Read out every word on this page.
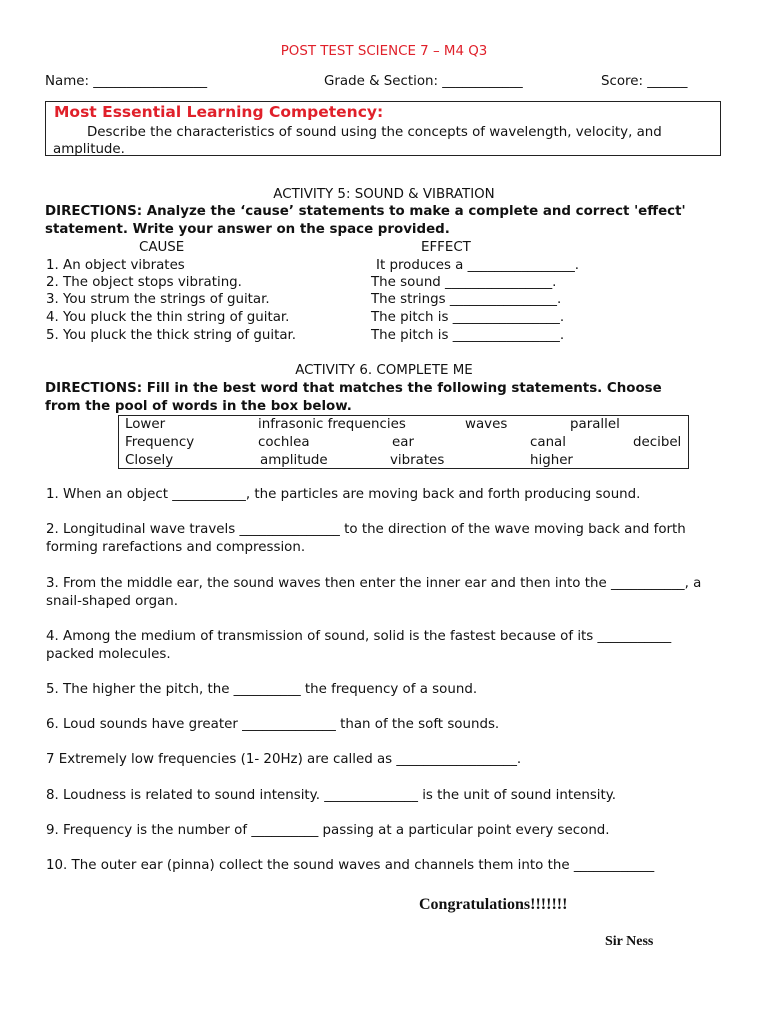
POST TEST SCIENCE 7 – M4 Q3
Name: _________________	Grade & Section: ____________	Score: ______
Most Essential Learning Competency:
Describe the characteristics of sound using the concepts of wavelength, velocity, and amplitude.
ACTIVITY 5: SOUND & VIBRATION
DIRECTIONS: Analyze the ‘cause’ statements to make a complete and correct 'effect'
statement. Write your answer on the space provided.
CAUSE	EFFECT
1. An object vibrates	It produces a ________________.
2. The object stops vibrating.	The sound ________________.
3. You strum the strings of guitar.	The strings ________________.
4. You pluck the thin string of guitar.	The pitch is ________________.
5. You pluck the thick string of guitar.	The pitch is ________________.
ACTIVITY 6. COMPLETE ME
DIRECTIONS: Fill in the best word that matches the following statements. Choose
from the pool of words in the box below.
Lower	infrasonic frequencies	waves	parallel
Frequency	cochlea	ear	canal	decibel
Closely	amplitude	vibrates	higher
1. When an object ___________, the particles are moving back and forth producing sound.
2. Longitudinal wave travels _______________ to the direction of the wave moving back and forth forming rarefactions and compression.
3. From the middle ear, the sound waves then enter the inner ear and then into the ___________, a snail-shaped organ.
4. Among the medium of transmission of sound, solid is the fastest because of its ___________ packed molecules.
5. The higher the pitch, the __________ the frequency of a sound.
6. Loud sounds have greater ______________ than of the soft sounds.
7 Extremely low frequencies (1- 20Hz) are called as __________________.
8. Loudness is related to sound intensity. ______________ is the unit of sound intensity.
9. Frequency is the number of __________ passing at a particular point every second.
10. The outer ear (pinna) collect the sound waves and channels them into the ____________
Congratulations!!!!!!!
Sir Ness
